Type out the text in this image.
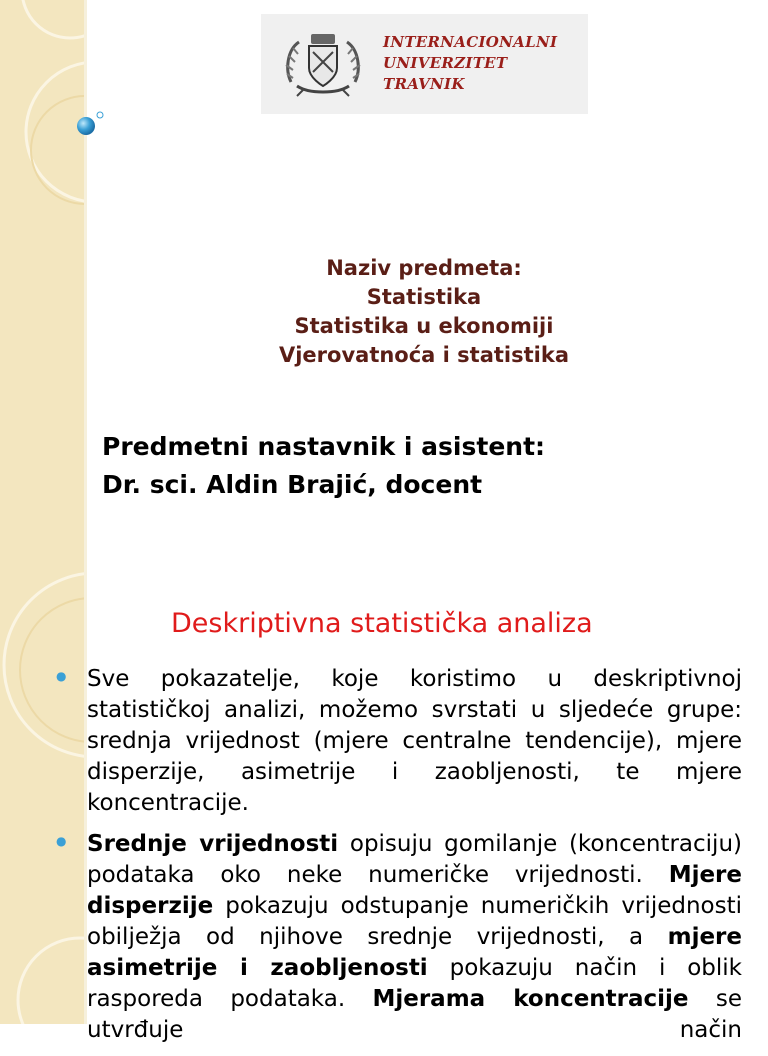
INTERNACIONALNI
UNIVERZITET
TRAVNIK
Naziv predmeta:
Statistika
Statistika u ekonomiji
Vjerovatnoća i statistika
Predmetni nastavnik i asistent:
Dr. sci. Aldin Brajić, docent
Deskriptivna statistička analiza
● Sve pokazatelje, koje koristimo u deskriptivnoj statističkoj analizi, možemo svrstati u sljedeće grupe: srednja vrijednost (mjere centralne tendencije), mjere disperzije, asimetrije i zaobljenosti, te mjere koncentracije.
● Srednje vrijednosti opisuju gomilanje (koncentraciju) podataka oko neke numeričke vrijednosti. Mjere disperzije pokazuju odstupanje numeričkih vrijednosti obilježja od njihove srednje vrijednosti, a mjere asimetrije i zaobljenosti pokazuju način i oblik rasporeda podataka. Mjerama koncentracije se utvrđuje način
